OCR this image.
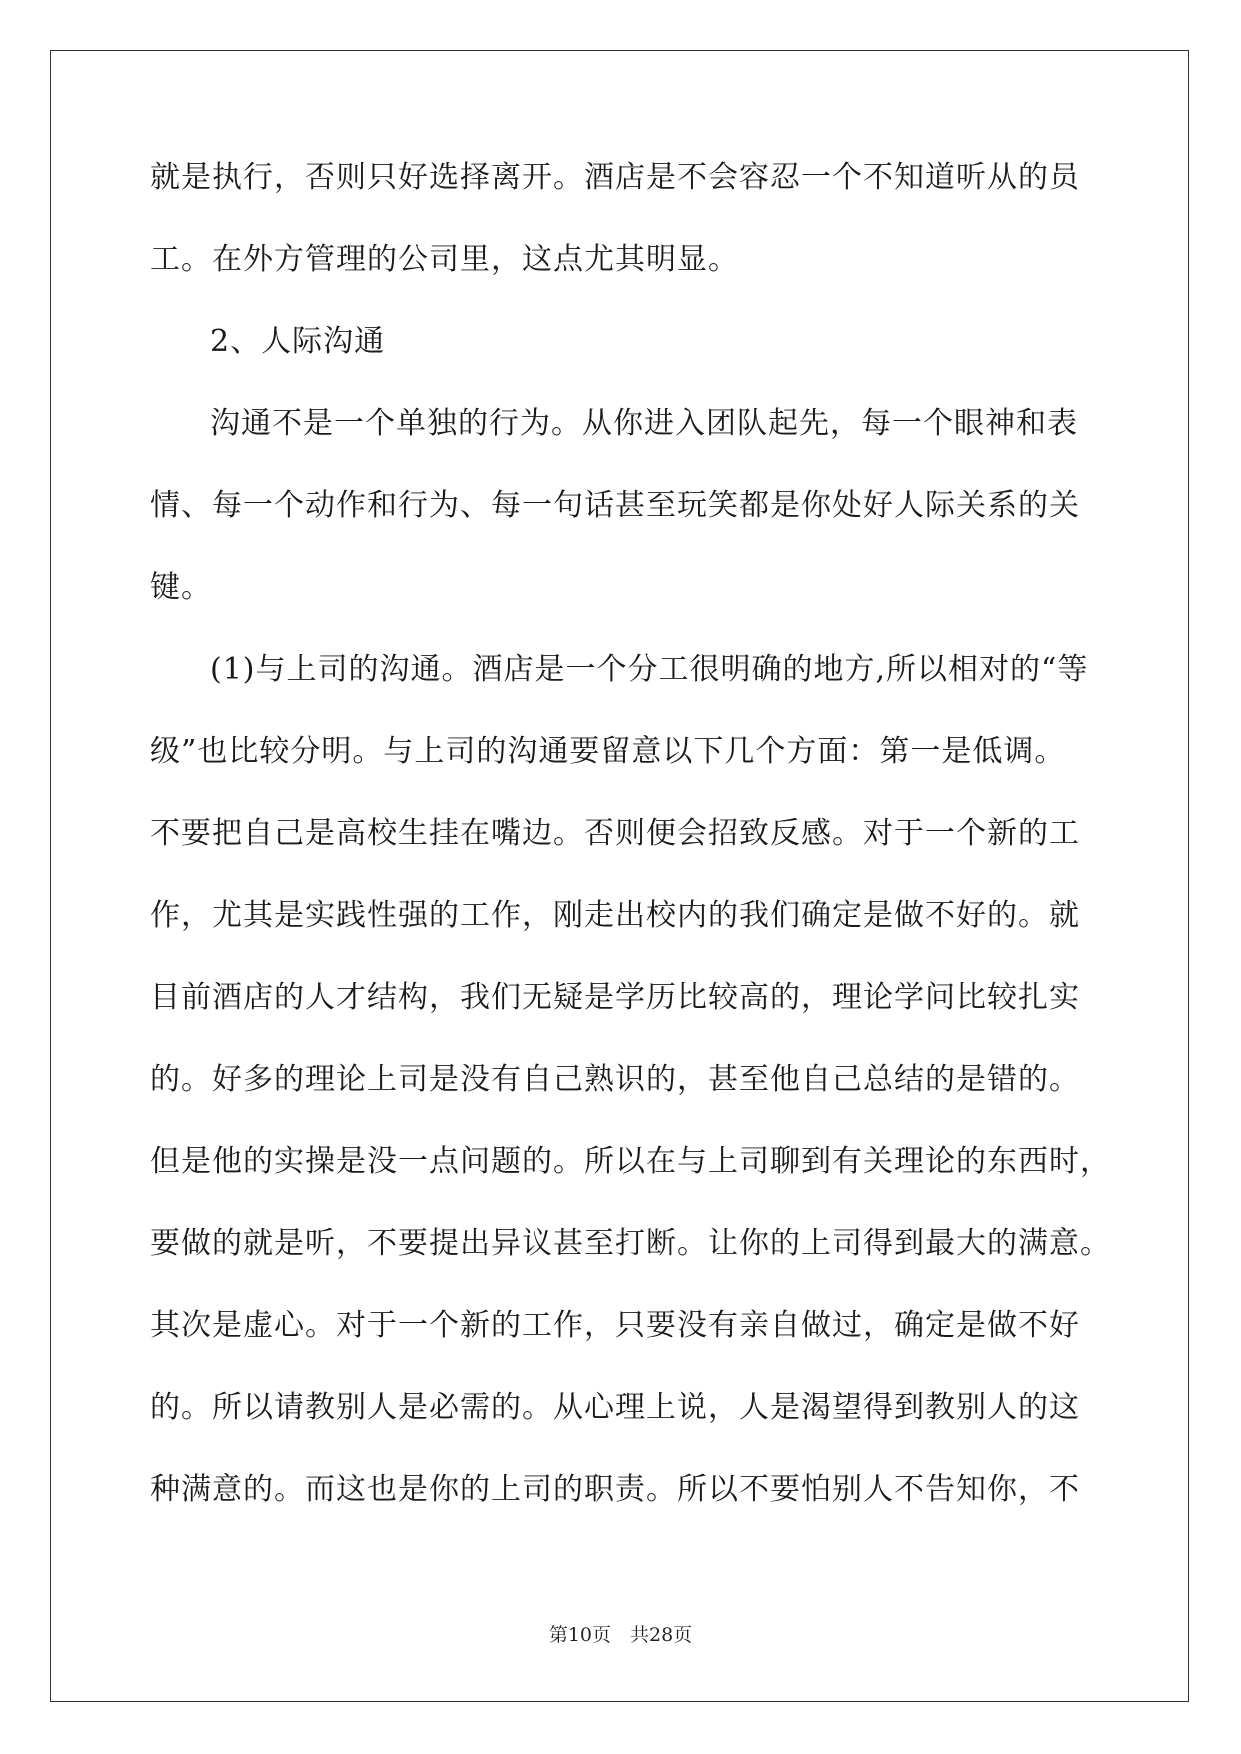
就是执行，否则只好选择离开。酒店是不会容忍一个不知道听从的员
工。在外方管理的公司里，这点尤其明显。
2、人际沟通
沟通不是一个单独的行为。从你进入团队起先，每一个眼神和表
情、每一个动作和行为、每一句话甚至玩笑都是你处好人际关系的关
键。
(1)与上司的沟通。酒店是一个分工很明确的地方,所以相对的“等
级”也比较分明。与上司的沟通要留意以下几个方面：第一是低调。
不要把自己是高校生挂在嘴边。否则便会招致反感。对于一个新的工
作，尤其是实践性强的工作，刚走出校内的我们确定是做不好的。就
目前酒店的人才结构，我们无疑是学历比较高的，理论学问比较扎实
的。好多的理论上司是没有自己熟识的，甚至他自己总结的是错的。
但是他的实操是没一点问题的。所以在与上司聊到有关理论的东西时，
要做的就是听，不要提出异议甚至打断。让你的上司得到最大的满意。
其次是虚心。对于一个新的工作，只要没有亲自做过，确定是做不好
的。所以请教别人是必需的。从心理上说，人是渴望得到教别人的这
种满意的。而这也是你的上司的职责。所以不要怕别人不告知你，不
第10页　共28页
